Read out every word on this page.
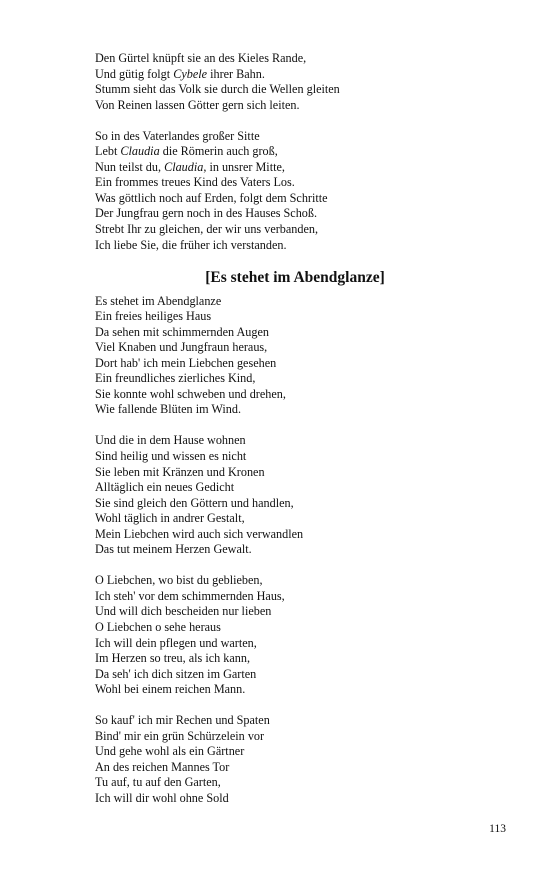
Den Gürtel knüpft sie an des Kieles Rande,
Und gütig folgt Cybele ihrer Bahn.
Stumm sieht das Volk sie durch die Wellen gleiten
Von Reinen lassen Götter gern sich leiten.
So in des Vaterlandes großer Sitte
Lebt Claudia die Römerin auch groß,
Nun teilst du, Claudia, in unsrer Mitte,
Ein frommes treues Kind des Vaters Los.
Was göttlich noch auf Erden, folgt dem Schritte
Der Jungfrau gern noch in des Hauses Schoß.
Strebt Ihr zu gleichen, der wir uns verbanden,
Ich liebe Sie, die früher ich verstanden.
[Es stehet im Abendglanze]
Es stehet im Abendglanze
Ein freies heiliges Haus
Da sehen mit schimmernden Augen
Viel Knaben und Jungfraun heraus,
Dort hab' ich mein Liebchen gesehen
Ein freundliches zierliches Kind,
Sie konnte wohl schweben und drehen,
Wie fallende Blüten im Wind.
Und die in dem Hause wohnen
Sind heilig und wissen es nicht
Sie leben mit Kränzen und Kronen
Alltäglich ein neues Gedicht
Sie sind gleich den Göttern und handlen,
Wohl täglich in andrer Gestalt,
Mein Liebchen wird auch sich verwandlen
Das tut meinem Herzen Gewalt.
O Liebchen, wo bist du geblieben,
Ich steh' vor dem schimmernden Haus,
Und will dich bescheiden nur lieben
O Liebchen o sehe heraus
Ich will dein pflegen und warten,
Im Herzen so treu, als ich kann,
Da seh' ich dich sitzen im Garten
Wohl bei einem reichen Mann.
So kauf' ich mir Rechen und Spaten
Bind' mir ein grün Schürzelein vor
Und gehe wohl als ein Gärtner
An des reichen Mannes Tor
Tu auf, tu auf den Garten,
Ich will dir wohl ohne Sold
113
